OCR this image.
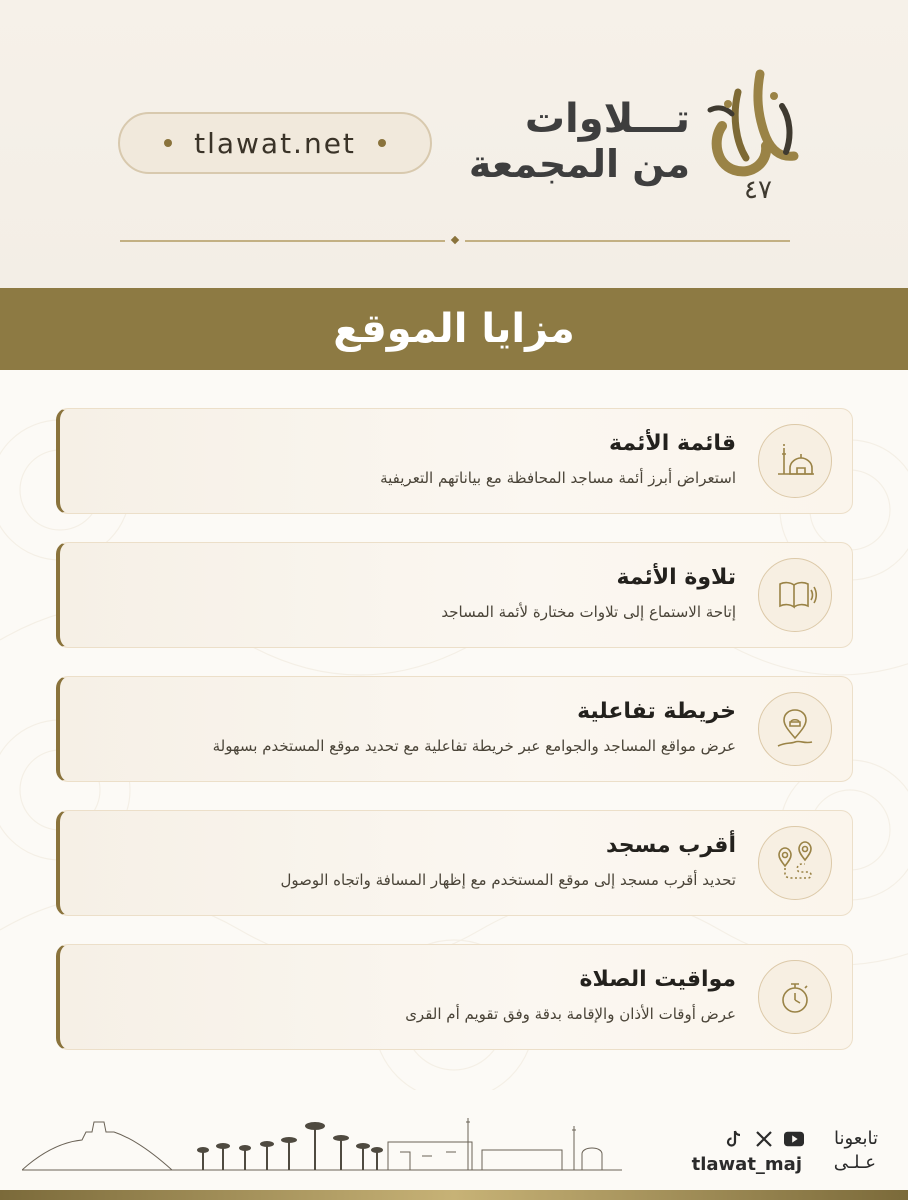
tlawat.net
تـــلاوات
من المجمعة
٤٧
مزايا الموقع
قائمة الأئمة
استعراض أبرز أئمة مساجد المحافظة مع بياناتهم التعريفية
تلاوة الأئمة
إتاحة الاستماع إلى تلاوات مختارة لأئمة المساجد
خريطة تفاعلية
عرض مواقع المساجد والجوامع عبر خريطة تفاعلية مع تحديد موقع المستخدم بسهولة
أقرب مسجد
تحديد أقرب مسجد إلى موقع المستخدم مع إظهار المسافة واتجاه الوصول
مواقيت الصلاة
عرض أوقات الأذان والإقامة بدقة وفق تقويم أم القرى
تابعونا
عـلـى
tlawat_maj
